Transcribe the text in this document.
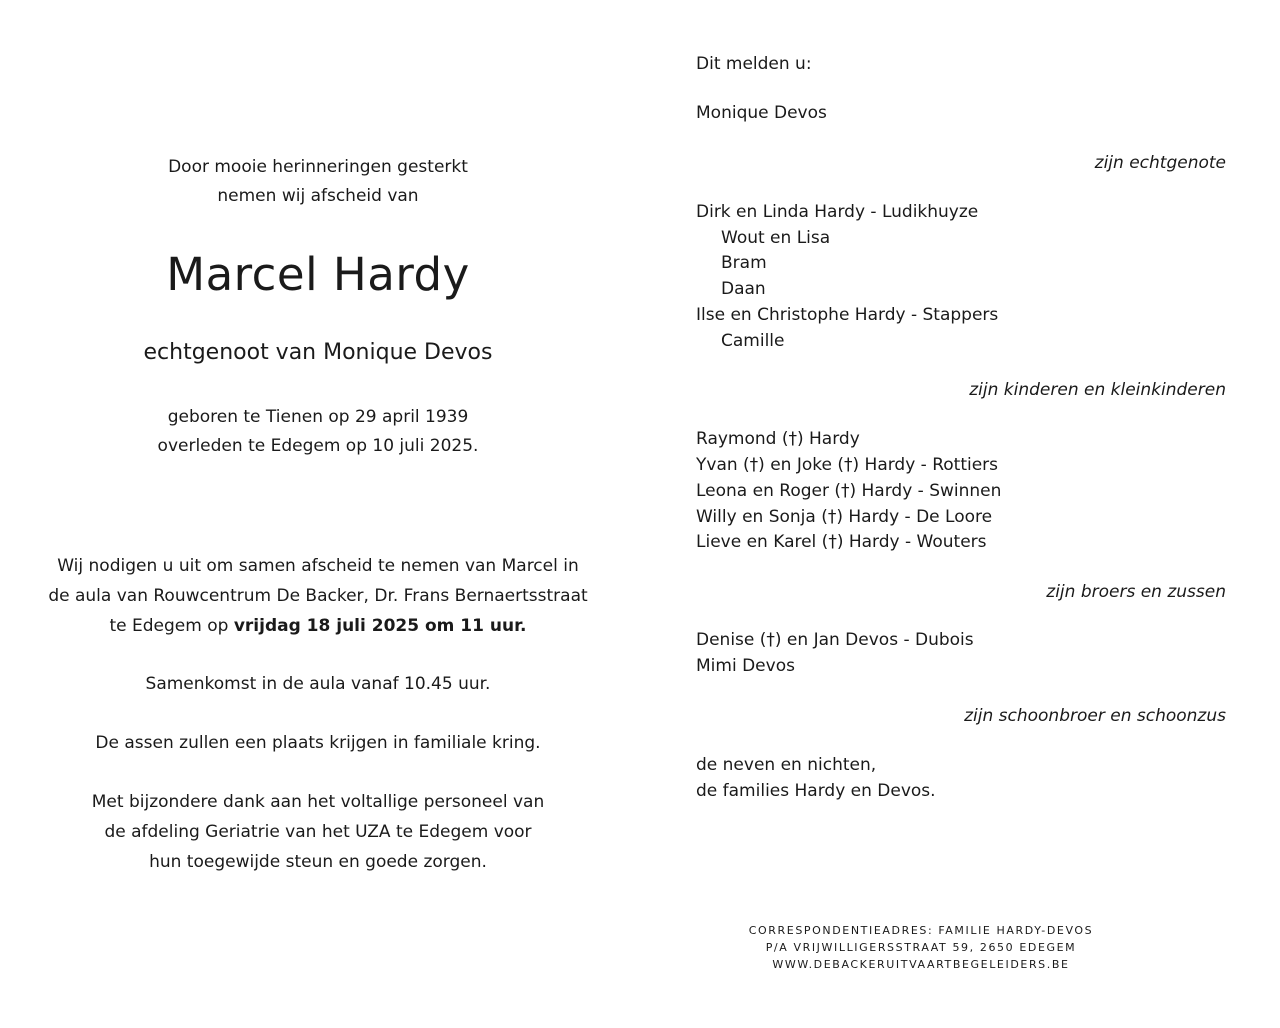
Door mooie herinneringen gesterkt
nemen wij afscheid van
Marcel Hardy
echtgenoot van Monique Devos
geboren te Tienen op 29 april 1939
overleden te Edegem op 10 juli 2025.
Wij nodigen u uit om samen afscheid te nemen van Marcel in
de aula van Rouwcentrum De Backer, Dr. Frans Bernaertsstraat
te Edegem op vrijdag 18 juli 2025 om 11 uur.
Samenkomst in de aula vanaf 10.45 uur.
De assen zullen een plaats krijgen in familiale kring.
Met bijzondere dank aan het voltallige personeel van
de afdeling Geriatrie van het UZA te Edegem voor
hun toegewijde steun en goede zorgen.
Dit melden u:
Monique Devos
zijn echtgenote
Dirk en Linda Hardy - Ludikhuyze
Wout en Lisa
Bram
Daan
Ilse en Christophe Hardy - Stappers
Camille
zijn kinderen en kleinkinderen
Raymond (†) Hardy
Yvan (†) en Joke (†) Hardy - Rottiers
Leona en Roger (†) Hardy - Swinnen
Willy en Sonja (†) Hardy - De Loore
Lieve en Karel (†) Hardy - Wouters
zijn broers en zussen
Denise (†) en Jan Devos - Dubois
Mimi Devos
zijn schoonbroer en schoonzus
de neven en nichten,
de families Hardy en Devos.
CORRESPONDENTIEADRES: FAMILIE HARDY-DEVOS
P/A VRIJWILLIGERSSTRAAT 59, 2650 EDEGEM
WWW.DEBACKERUITVAARTBEGELEIDERS.BE
